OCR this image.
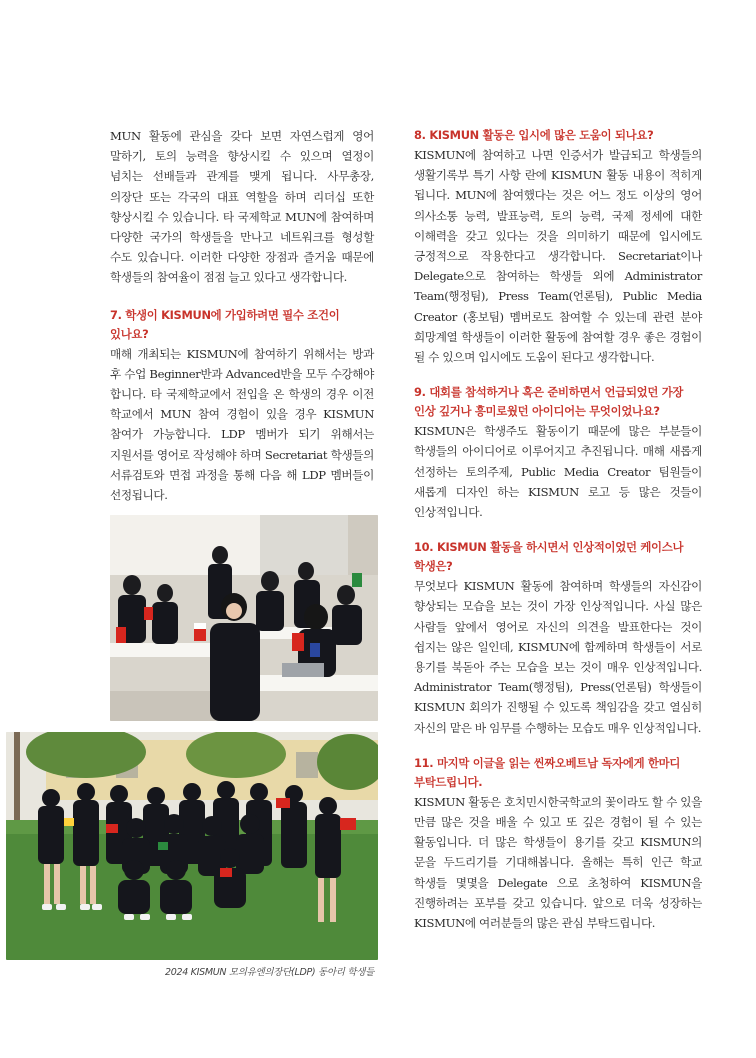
MUN 활동에 관심을 갖다 보면 자연스럽게 영어 말하기, 토의 능력을 향상시킬 수 있으며 열정이 넘치는 선배들과 관계를 맺게 됩니다. 사무총장, 의장단 또는 각국의 대표 역할을 하며 리더십 또한 향상시킬 수 있습니다. 타 국제학교 MUN에 참여하며 다양한 국가의 학생들을 만나고 네트워크를 형성할 수도 있습니다. 이러한 다양한 장점과 즐거움 때문에 학생들의 참여율이 점점 늘고 있다고 생각합니다.

7. 학생이 KISMUN에 가입하려면 필수 조건이 있나요?

매해 개최되는 KISMUN에 참여하기 위해서는 방과 후 수업 Beginner반과 Advanced반을 모두 수강해야 합니다. 타 국제학교에서 전입을 온 학생의 경우 이전 학교에서 MUN 참여 경험이 있을 경우 KISMUN 참여가 가능합니다. LDP 멤버가 되기 위해서는 지원서를 영어로 작성해야 하며 Secretariat 학생들의 서류검토와 면접 과정을 통해 다음 해 LDP 멤버들이 선정됩니다.

8. KISMUN 활동은 입시에 많은 도움이 되나요?

KISMUN에 참여하고 나면 인증서가 발급되고 학생들의 생활기록부 특기 사항 란에 KISMUN 활동 내용이 적히게 됩니다. MUN에 참여했다는 것은 어느 정도 이상의 영어 의사소통 능력, 발표능력, 토의 능력, 국제 정세에 대한 이해력을 갖고 있다는 것을 의미하기 때문에 입시에도 긍정적으로 작용한다고 생각합니다. Secretariat이나 Delegate으로 참여하는 학생들 외에 Administrator Team(행정팀), Press Team(언론팀), Public Media Creator (홍보팀) 멤버로도 참여할 수 있는데 관련 분야 희망계열 학생들이 이러한 활동에 참여할 경우 좋은 경험이 될 수 있으며 입시에도 도움이 된다고 생각합니다.

9. 대회를 참석하거나 혹은 준비하면서 언급되었던 가장 인상 깊거나 흥미로웠던 아이디어는 무엇이었나요?

KISMUN은 학생주도 활동이기 때문에 많은 부분들이 학생들의 아이디어로 이루어지고 추진됩니다. 매해 새롭게 선정하는 토의주제, Public Media Creator 팀원들이 새롭게 디자인 하는 KISMUN 로고 등 많은 것들이 인상적입니다.

10. KISMUN 활동을 하시면서 인상적이었던 케이스나 학생은?

무엇보다 KISMUN 활동에 참여하며 학생들의 자신감이 향상되는 모습을 보는 것이 가장 인상적입니다. 사실 많은 사람들 앞에서 영어로 자신의 의견을 발표한다는 것이 쉽지는 않은 일인데, KISMUN에 함께하며 학생들이 서로 용기를 북돋아 주는 모습을 보는 것이 매우 인상적입니다. Administrator Team(행정팀), Press(언론팀) 학생들이 KISMUN 회의가 진행될 수 있도록 책임감을 갖고 열심히 자신의 맡은 바 임무를 수행하는 모습도 매우 인상적입니다.

11. 마지막 이글을 읽는 씬짜오베트남 독자에게 한마디 부탁드립니다.

KISMUN 활동은 호치민시한국학교의 꽃이라도 할 수 있을 만큼 많은 것을 배울 수 있고 또 깊은 경험이 될 수 있는 활동입니다. 더 많은 학생들이 용기를 갖고 KISMUN의 문을 두드리기를 기대해봅니다. 올해는 특히 인근 학교 학생들 몇몇을 Delegate 으로 초청하여 KISMUN을 진행하려는 포부를 갖고 있습니다. 앞으로 더욱 성장하는 KISMUN에 여러분들의 많은 관심 부탁드립니다.

2024 KISMUN 모의유엔의장단(LDP) 동아리 학생들
